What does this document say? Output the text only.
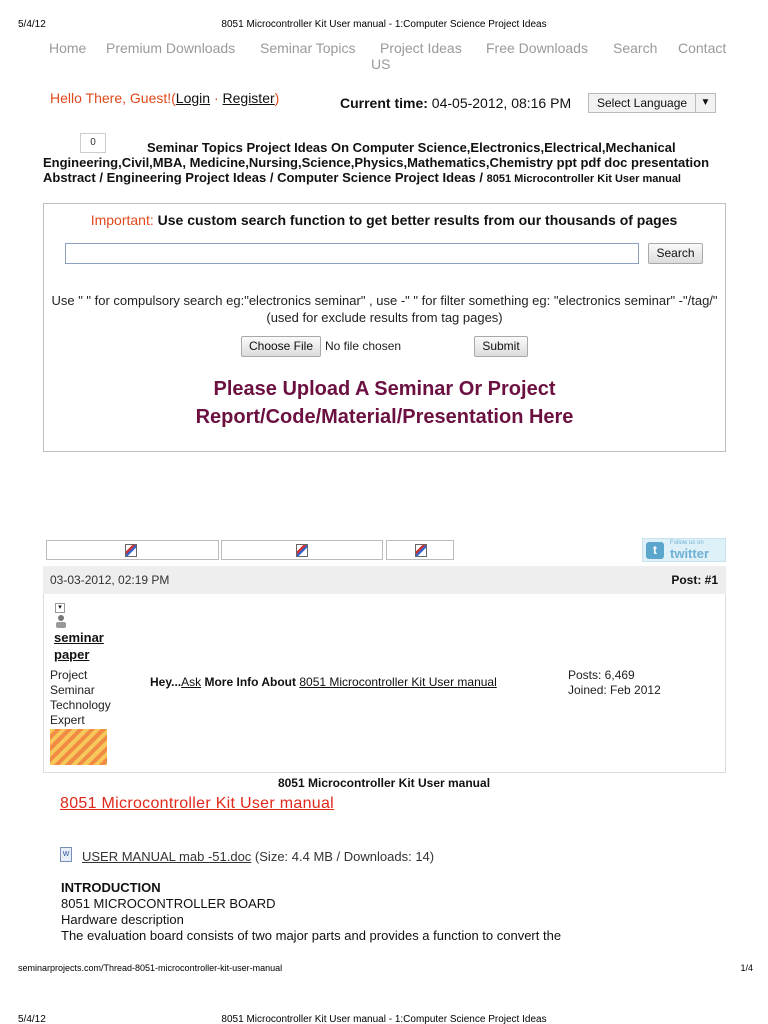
5/4/12	8051 Microcontroller Kit User manual - 1:Computer Science Project Ideas
Home Premium Downloads Seminar Topics Project Ideas Free Downloads Search Contact
US
Hello There, Guest!(Login · Register)	Current time: 04-05-2012, 08:16 PM	Select Language	▼
0	Seminar Topics Project Ideas On Computer Science,Electronics,Electrical,Mechanical Engineering,Civil,MBA, Medicine,Nursing,Science,Physics,Mathematics,Chemistry ppt pdf doc presentation Abstract / Engineering Project Ideas / Computer Science Project Ideas / 8051 Microcontroller Kit User manual
Important: Use custom search function to get better results from our thousands of pages
Search
Use " " for compulsory search eg:"electronics seminar" , use -" " for filter something eg: "electronics seminar" -"/tag/" (used for exclude results from tag pages)
Choose File No file chosen	Submit
Please Upload A Seminar Or Project
Report/Code/Material/Presentation Here
t	Follow us on
twitter
03-03-2012, 02:19 PM	Post: #1
▾
seminar
paper
Project
Seminar
Technology
Expert
Hey...Ask More Info About 8051 Microcontroller Kit User manual	Posts: 6,469
Joined: Feb 2012
8051 Microcontroller Kit User manual
8051 Microcontroller Kit User manual
W USER MANUAL mab -51.doc (Size: 4.4 MB / Downloads: 14)
INTRODUCTION
8051 MICROCONTROLLER BOARD
Hardware description
The evaluation board consists of two major parts and provides a function to convert the
seminarprojects.com/Thread-8051-microcontroller-kit-user-manual	1/4
5/4/12	8051 Microcontroller Kit User manual - 1:Computer Science Project Ideas
